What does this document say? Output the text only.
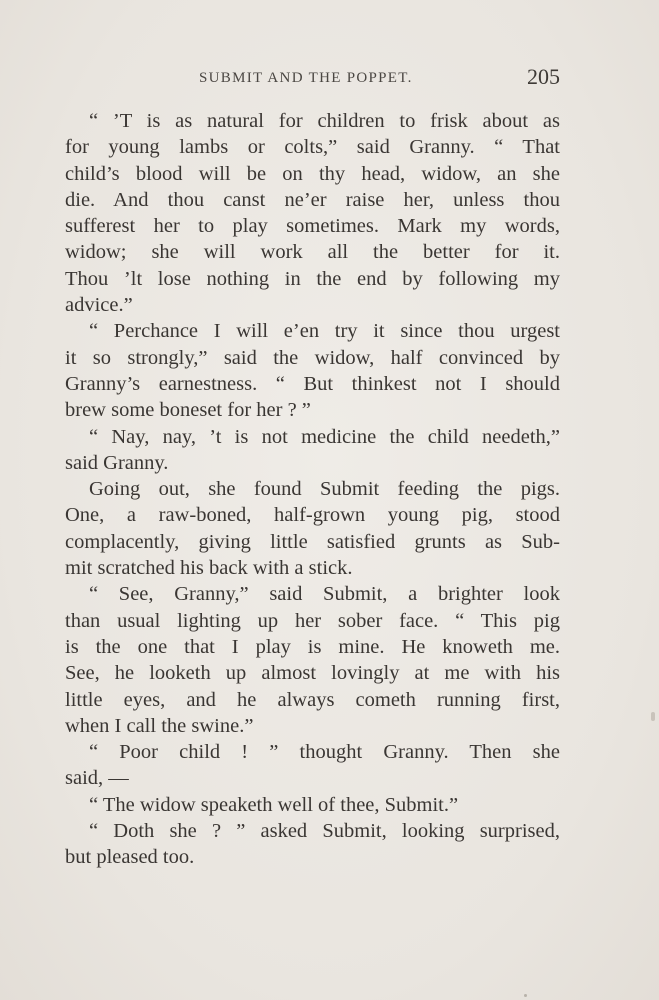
SUBMIT AND THE POPPET.	205
“ ’T is as natural for children to frisk about as
for young lambs or colts,” said Granny. “ That
child’s blood will be on thy head, widow, an she
die. And thou canst ne’er raise her, unless thou
sufferest her to play sometimes. Mark my words,
widow; she will work all the better for it.
Thou ’lt lose nothing in the end by following my
advice.”
“ Perchance I will e’en try it since thou urgest
it so strongly,” said the widow, half convinced by
Granny’s earnestness. “ But thinkest not I should
brew some boneset for her ? ”
“ Nay, nay, ’t is not medicine the child needeth,”
said Granny.
Going out, she found Submit feeding the pigs.
One, a raw-boned, half-grown young pig, stood
complacently, giving little satisfied grunts as Sub-
mit scratched his back with a stick.
“ See, Granny,” said Submit, a brighter look
than usual lighting up her sober face. “ This pig
is the one that I play is mine. He knoweth me.
See, he looketh up almost lovingly at me with his
little eyes, and he always cometh running first,
when I call the swine.”
“ Poor child ! ” thought Granny. Then she
said, —
“ The widow speaketh well of thee, Submit.”
“ Doth she ? ” asked Submit, looking surprised,
but pleased too.
